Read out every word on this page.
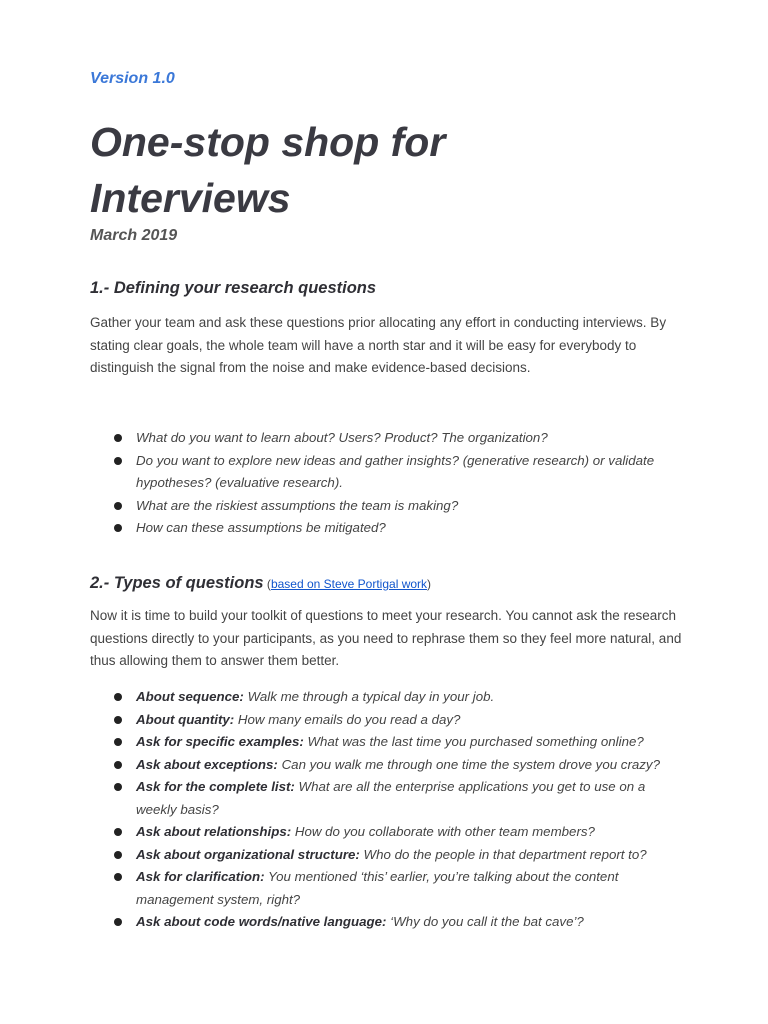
Version 1.0
One-stop shop for Interviews
March 2019
1.- Defining your research questions

Gather your team and ask these questions prior allocating any effort in conducting interviews. By stating clear goals, the whole team will have a north star and it will be easy for everybody to distinguish the signal from the noise and make evidence-based decisions.

What do you want to learn about? Users? Product? The organization?
Do you want to explore new ideas and gather insights? (generative research) or validate hypotheses? (evaluative research).
What are the riskiest assumptions the team is making?
How can these assumptions be mitigated?
2.- Types of questions (based on Steve Portigal work)

Now it is time to build your toolkit of questions to meet your research. You cannot ask the research questions directly to your participants, as you need to rephrase them so they feel more natural, and thus allowing them to answer them better.

About sequence: Walk me through a typical day in your job.
About quantity: How many emails do you read a day?
Ask for specific examples: What was the last time you purchased something online?
Ask about exceptions: Can you walk me through one time the system drove you crazy?
Ask for the complete list: What are all the enterprise applications you get to use on a weekly basis?
Ask about relationships: How do you collaborate with other team members?
Ask about organizational structure: Who do the people in that department report to?
Ask for clarification: You mentioned ‘this’ earlier, you’re talking about the content management system, right?
Ask about code words/native language: ‘Why do you call it the bat cave’?
